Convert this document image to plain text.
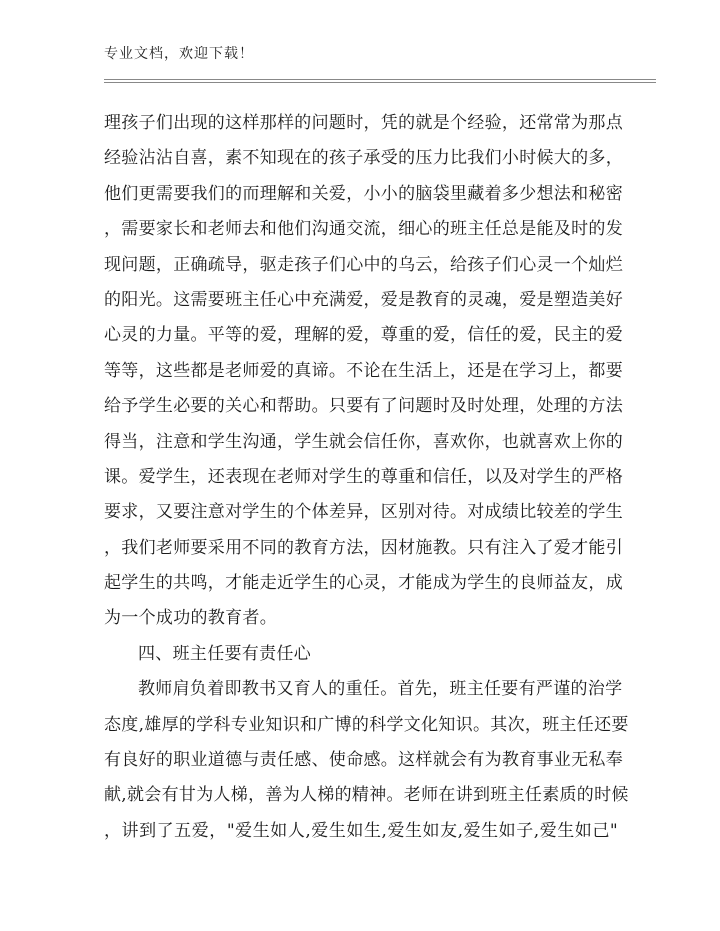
专业文档，欢迎下载！
理孩子们出现的这样那样的问题时，凭的就是个经验，还常常为那点
经验沾沾自喜，素不知现在的孩子承受的压力比我们小时候大的多，
他们更需要我们的而理解和关爱，小小的脑袋里藏着多少想法和秘密
，需要家长和老师去和他们沟通交流，细心的班主任总是能及时的发
现问题，正确疏导，驱走孩子们心中的乌云，给孩子们心灵一个灿烂
的阳光。这需要班主任心中充满爱，爱是教育的灵魂，爱是塑造美好
心灵的力量。平等的爱，理解的爱，尊重的爱，信任的爱，民主的爱
等等，这些都是老师爱的真谛。不论在生活上，还是在学习上，都要
给予学生必要的关心和帮助。只要有了问题时及时处理，处理的方法
得当，注意和学生沟通，学生就会信任你，喜欢你，也就喜欢上你的
课。爱学生，还表现在老师对学生的尊重和信任，以及对学生的严格
要求，又要注意对学生的个体差异，区别对待。对成绩比较差的学生
，我们老师要采用不同的教育方法，因材施教。只有注入了爱才能引
起学生的共鸣，才能走近学生的心灵，才能成为学生的良师益友，成
为一个成功的教育者。
四、班主任要有责任心
教师肩负着即教书又育人的重任。首先，班主任要有严谨的治学
态度,雄厚的学科专业知识和广博的科学文化知识。其次，班主任还要
有良好的职业道德与责任感、使命感。这样就会有为教育事业无私奉
献,就会有甘为人梯，善为人梯的精神。老师在讲到班主任素质的时候
，讲到了五爱，"爱生如人,爱生如生,爱生如友,爱生如子,爱生如己"
